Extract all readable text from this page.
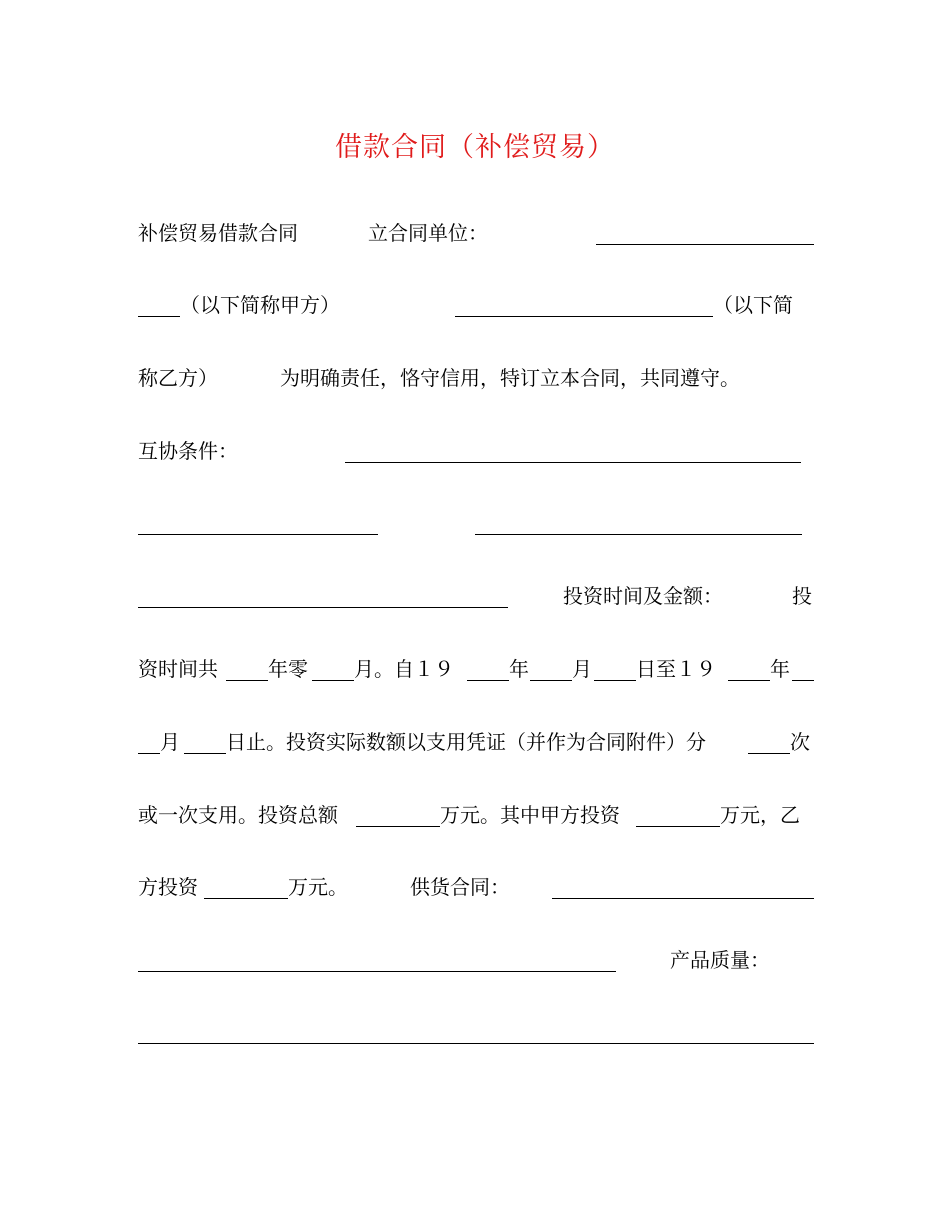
借款合同（补偿贸易）
补偿贸易借款合同	立合同单位：
（以下简称甲方）	（以下简
称乙方）	为明确责任，恪守信用，特订立本合同，共同遵守。
互协条件：
投资时间及金额：	投
资时间共	年零 月。自１９	年 月 日至１９	年
月 日止。投资实际数额以支用凭证（并作为合同附件）分	次
或一次支用。投资总额	万元。其中甲方投资	万元，乙
方投资	万元。	供货合同：
产品质量：
